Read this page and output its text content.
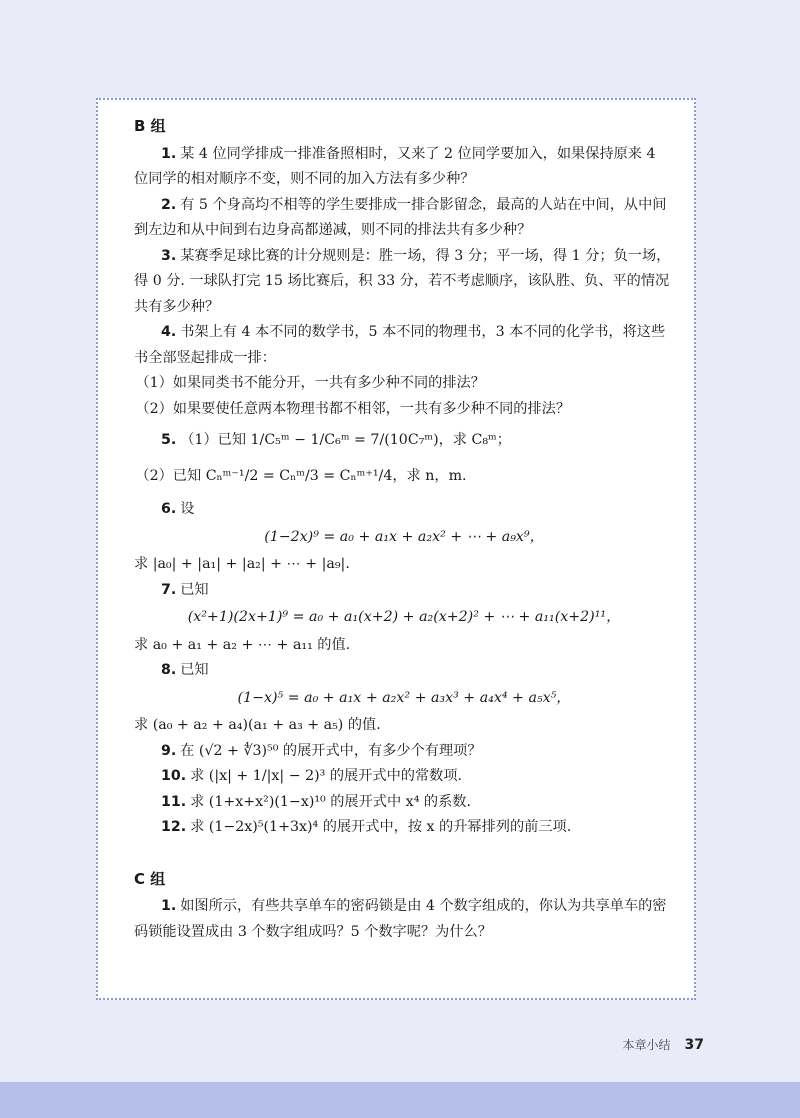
B 组
1. 某 4 位同学排成一排准备照相时，又来了 2 位同学要加入，如果保持原来 4 位同学的相对顺序不变，则不同的加入方法有多少种？
2. 有 5 个身高均不相等的学生要排成一排合影留念，最高的人站在中间，从中间到左边和从中间到右边身高都递减，则不同的排法共有多少种？
3. 某赛季足球比赛的计分规则是：胜一场，得 3 分；平一场，得 1 分；负一场，得 0 分. 一球队打完 15 场比赛后，积 33 分，若不考虑顺序，该队胜、负、平的情况共有多少种？
4. 书架上有 4 本不同的数学书，5 本不同的物理书，3 本不同的化学书，将这些书全部竖起排成一排：
（1）如果同类书不能分开，一共有多少种不同的排法？
（2）如果要使任意两本物理书都不相邻，一共有多少种不同的排法？
5. （1）已知 1/C₅ᵐ − 1/C₆ᵐ = 7/(10C₇ᵐ)，求 C₈ᵐ；
（2）已知 Cₙᵐ⁻¹/2 = Cₙᵐ/3 = Cₙᵐ⁺¹/4，求 n，m.
6. 设
(1−2x)⁹ = a₀ + a₁x + a₂x² + ⋯ + a₉x⁹，
求 |a₀| + |a₁| + |a₂| + ⋯ + |a₉|.
7. 已知
(x²+1)(2x+1)⁹ = a₀ + a₁(x+2) + a₂(x+2)² + ⋯ + a₁₁(x+2)¹¹，
求 a₀ + a₁ + a₂ + ⋯ + a₁₁ 的值.
8. 已知
(1−x)⁵ = a₀ + a₁x + a₂x² + a₃x³ + a₄x⁴ + a₅x⁵，
求 (a₀ + a₂ + a₄)(a₁ + a₃ + a₅) 的值.
9. 在 (√2 + ∜3)⁵⁰ 的展开式中，有多少个有理项？
10. 求 (|x| + 1/|x| − 2)³ 的展开式中的常数项.
11. 求 (1+x+x²)(1−x)¹⁰ 的展开式中 x⁴ 的系数.
12. 求 (1−2x)⁵(1+3x)⁴ 的展开式中，按 x 的升幂排列的前三项.
C 组
1. 如图所示，有些共享单车的密码锁是由 4 个数字组成的，你认为共享单车的密码锁能设置成由 3 个数字组成吗？5 个数字呢？为什么？
本章小结 37
